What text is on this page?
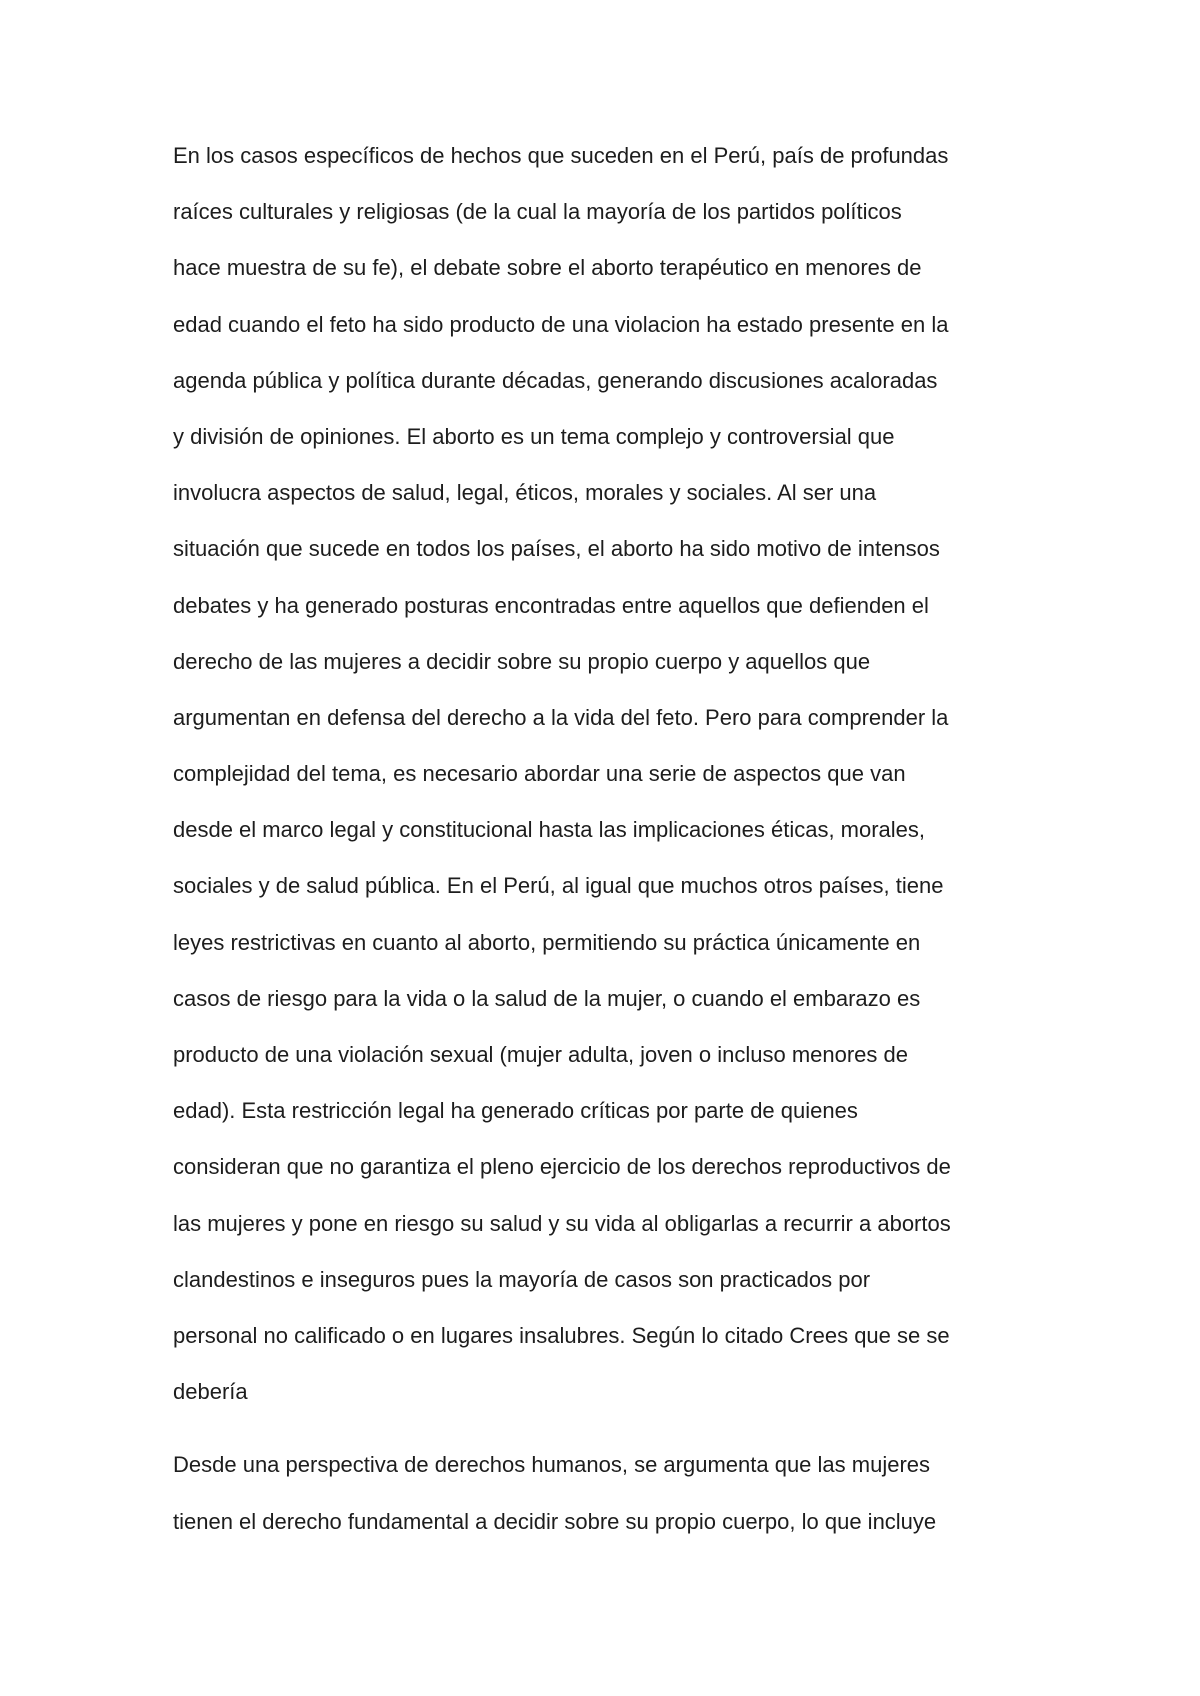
En los casos específicos de hechos que suceden en el Perú, país de profundas
raíces culturales y religiosas (de la cual la mayoría de los partidos políticos
hace muestra de su fe), el debate sobre el aborto terapéutico en menores de
edad cuando el feto ha sido producto de una violacion ha estado presente en la
agenda pública y política durante décadas, generando discusiones acaloradas
y división de opiniones. El aborto es un tema complejo y controversial que
involucra aspectos de salud, legal, éticos, morales y sociales. Al ser una
situación que sucede en todos los países, el aborto ha sido motivo de intensos
debates y ha generado posturas encontradas entre aquellos que defienden el
derecho de las mujeres a decidir sobre su propio cuerpo y aquellos que
argumentan en defensa del derecho a la vida del feto. Pero para comprender la
complejidad del tema, es necesario abordar una serie de aspectos que van
desde el marco legal y constitucional hasta las implicaciones éticas, morales,
sociales y de salud pública. En el Perú, al igual que muchos otros países, tiene
leyes restrictivas en cuanto al aborto, permitiendo su práctica únicamente en
casos de riesgo para la vida o la salud de la mujer, o cuando el embarazo es
producto de una violación sexual (mujer adulta, joven o incluso menores de
edad). Esta restricción legal ha generado críticas por parte de quienes
consideran que no garantiza el pleno ejercicio de los derechos reproductivos de
las mujeres y pone en riesgo su salud y su vida al obligarlas a recurrir a abortos
clandestinos e inseguros pues la mayoría de casos son practicados por
personal no calificado o en lugares insalubres. Según lo citado Crees que se se
debería

Desde una perspectiva de derechos humanos, se argumenta que las mujeres
tienen el derecho fundamental a decidir sobre su propio cuerpo, lo que incluye
